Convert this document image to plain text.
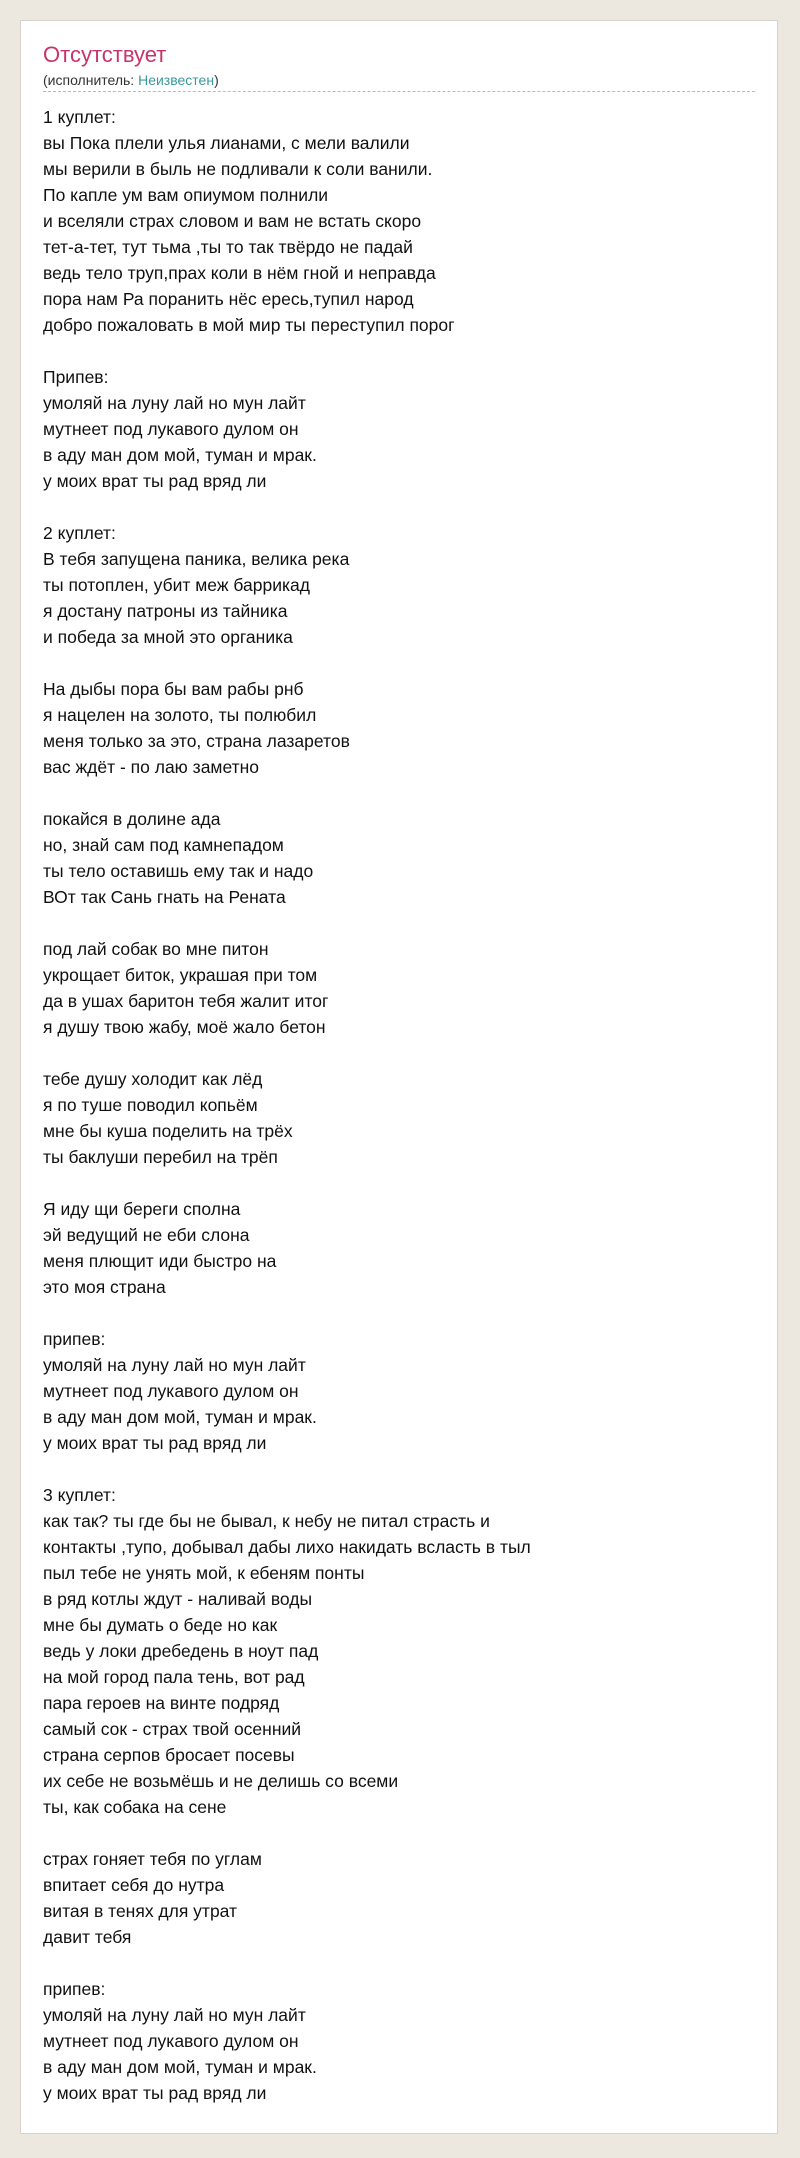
Отсутствует
(исполнитель: Неизвестен)
1 куплет:
вы Пока плели улья лианами, с мели валили
мы верили в быль не подливали к соли ванили.
По капле ум вам опиумом полнили
и вселяли страх словом и вам не встать скоро
тет-а-тет, тут тьма ,ты то так твёрдо не падай
ведь тело труп,прах коли в нём гной и неправда
пора нам Ра поранить нёс ересь,тупил народ
добро пожаловать в мой мир ты переступил порог
Припев:
умоляй на луну лай но мун лайт
мутнеет под лукавого дулом он
в аду ман дом мой, туман и мрак.
у моих врат ты рад вряд ли
2 куплет:
В тебя запущена паника, велика река
ты потоплен, убит меж баррикад
я достану патроны из тайника
и победа за мной это органика
На дыбы пора бы вам рабы рнб
я нацелен на золото, ты полюбил
меня только за это, страна лазаретов
вас ждёт - по лаю заметно
покайся в долине ада
но, знай сам под камнепадом
ты тело оставишь ему так и надо
ВОт так Сань гнать на Рената
под лай собак во мне питон
укрощает биток, украшая при том
да в ушах баритон тебя жалит итог
я душу твою жабу, моё жало бетон
тебе душу холодит как лёд
я по туше поводил копьём
мне бы куша поделить на трёх
ты баклуши перебил на трёп
Я иду щи береги сполна
эй ведущий не еби слона
меня плющит иди быстро на
это моя страна
припев:
умоляй на луну лай но мун лайт
мутнеет под лукавого дулом он
в аду ман дом мой, туман и мрак.
у моих врат ты рад вряд ли
3 куплет:
как так? ты где бы не бывал, к небу не питал страсть и
контакты ,тупо, добывал дабы лихо накидать всласть в тыл
пыл тебе не унять мой, к ебеням понты
в ряд котлы ждут - наливай воды
мне бы думать о беде но как
ведь у локи дребедень в ноут пад
на мой город пала тень, вот рад
пара героев на винте подряд
самый сок - страх твой осенний
страна серпов бросает посевы
их себе не возьмёшь и не делишь со всеми
ты, как собака на сене
страх гоняет тебя по углам
впитает себя до нутра
витая в тенях для утрат
давит тебя
припев:
умоляй на луну лай но мун лайт
мутнеет под лукавого дулом он
в аду ман дом мой, туман и мрак.
у моих врат ты рад вряд ли
